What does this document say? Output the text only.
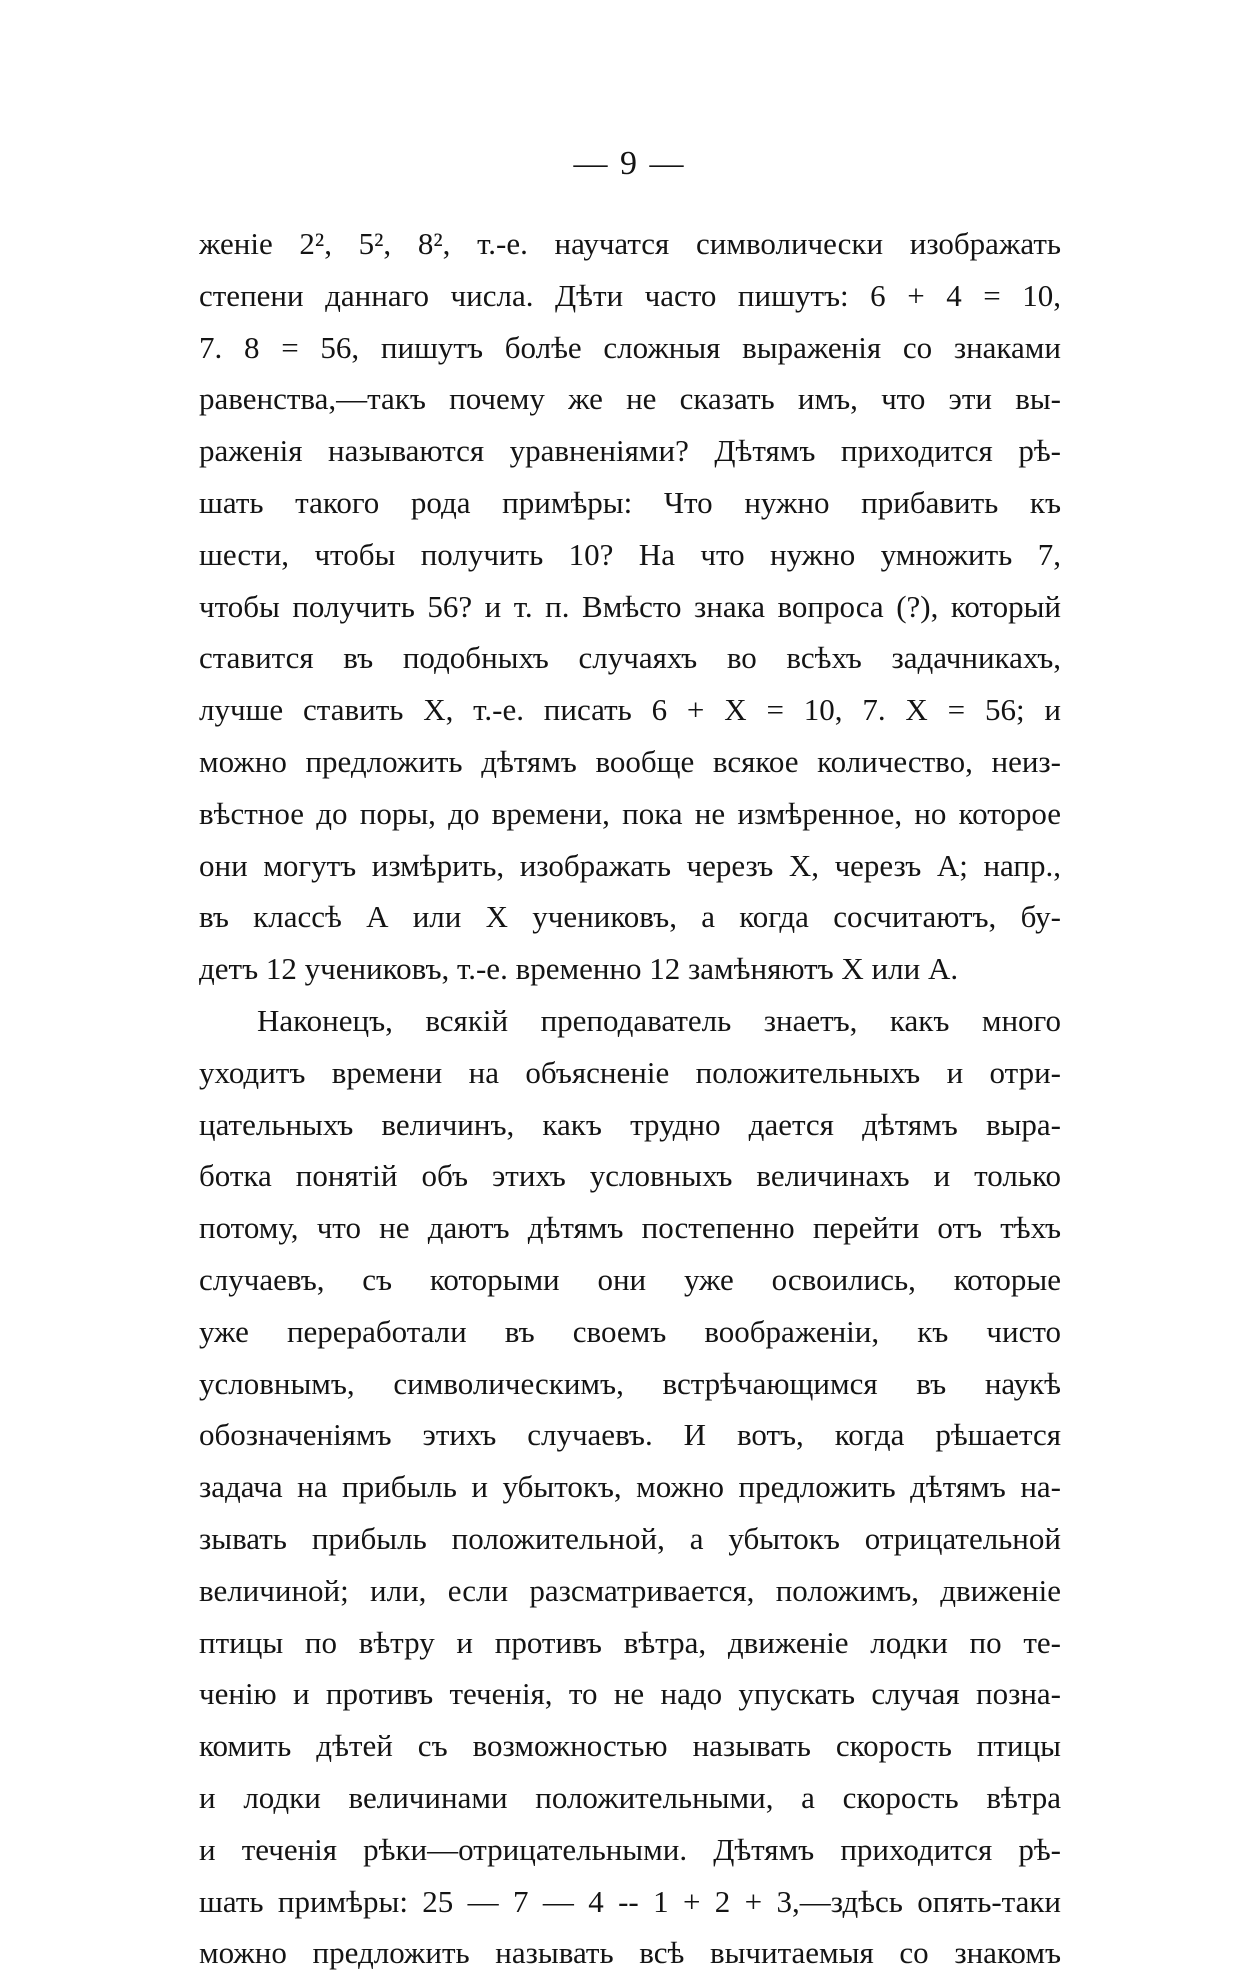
— 9 —
женіе 2², 5², 8², т.-е. научатся символически изображать
степени даннаго числа. Дѣти часто пишутъ: 6 + 4 = 10,
7. 8 = 56, пишутъ болѣе сложныя выраженія со знаками
равенства,—такъ почему же не сказать имъ, что эти вы-
раженія называются уравненіями? Дѣтямъ приходится рѣ-
шать такого рода примѣры: Что нужно прибавить къ
шести, чтобы получить 10? На что нужно умножить 7,
чтобы получить 56? и т. п. Вмѣсто знака вопроса (?), который
ставится въ подобныхъ случаяхъ во всѣхъ задачникахъ,
лучше ставить X, т.-е. писать 6 + X = 10, 7. X = 56; и
можно предложить дѣтямъ вообще всякое количество, неиз-
вѣстное до поры, до времени, пока не измѣренное, но которое
они могутъ измѣрить, изображать черезъ X, черезъ А; напр.,
въ классѣ А или X учениковъ, а когда сосчитаютъ, бу-
детъ 12 учениковъ, т.-е. временно 12 замѣняютъ X или А.
Наконецъ, всякій преподаватель знаетъ, какъ много
уходитъ времени на объясненіе положительныхъ и отри-
цательныхъ величинъ, какъ трудно дается дѣтямъ выра-
ботка понятій объ этихъ условныхъ величинахъ и только
потому, что не даютъ дѣтямъ постепенно перейти отъ тѣхъ
случаевъ, съ которыми они уже освоились, которые
уже переработали въ своемъ воображеніи, къ чисто
условнымъ, символическимъ, встрѣчающимся въ наукѣ
обозначеніямъ этихъ случаевъ. И вотъ, когда рѣшается
задача на прибыль и убытокъ, можно предложить дѣтямъ на-
зывать прибыль положительной, а убытокъ отрицательной
величиной; или, если разсматривается, положимъ, движеніе
птицы по вѣтру и противъ вѣтра, движеніе лодки по те-
ченію и противъ теченія, то не надо упускать случая позна-
комить дѣтей съ возможностью называть скорость птицы
и лодки величинами положительными, а скорость вѣтра
и теченія рѣки—отрицательными. Дѣтямъ приходится рѣ-
шать примѣры: 25 — 7 — 4 -- 1 + 2 + 3,—здѣсь опять-таки
можно предложить называть всѣ вычитаемыя со знакомъ
